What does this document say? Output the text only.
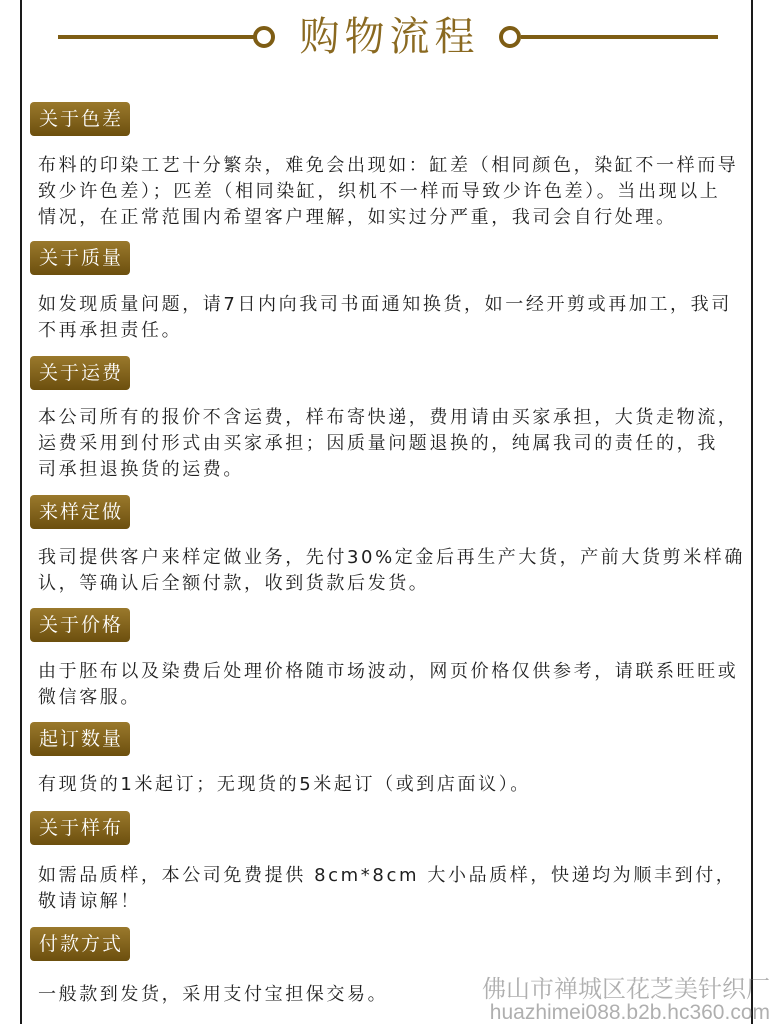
购物流程
关于色差
布料的印染工艺十分繁杂，难免会出现如：缸差（相同颜色，染缸不一样而导
致少许色差）；匹差（相同染缸，织机不一样而导致少许色差）。当出现以上
情况，在正常范围内希望客户理解，如实过分严重，我司会自行处理。
关于质量
如发现质量问题，请7日内向我司书面通知换货，如一经开剪或再加工，我司
不再承担责任。
关于运费
本公司所有的报价不含运费，样布寄快递，费用请由买家承担，大货走物流，
运费采用到付形式由买家承担；因质量问题退换的，纯属我司的责任的，我
司承担退换货的运费。
来样定做
我司提供客户来样定做业务，先付30%定金后再生产大货，产前大货剪米样确
认，等确认后全额付款，收到货款后发货。
关于价格
由于胚布以及染费后处理价格随市场波动，网页价格仅供参考，请联系旺旺或
微信客服。
起订数量
有现货的1米起订；无现货的5米起订（或到店面议）。
关于样布
如需品质样，本公司免费提供 8cm*8cm 大小品质样，快递均为顺丰到付，
敬请谅解！
付款方式
一般款到发货，采用支付宝担保交易。	佛山市禅城区花芝美针织厂
huazhimei088.b2b.hc360.com
